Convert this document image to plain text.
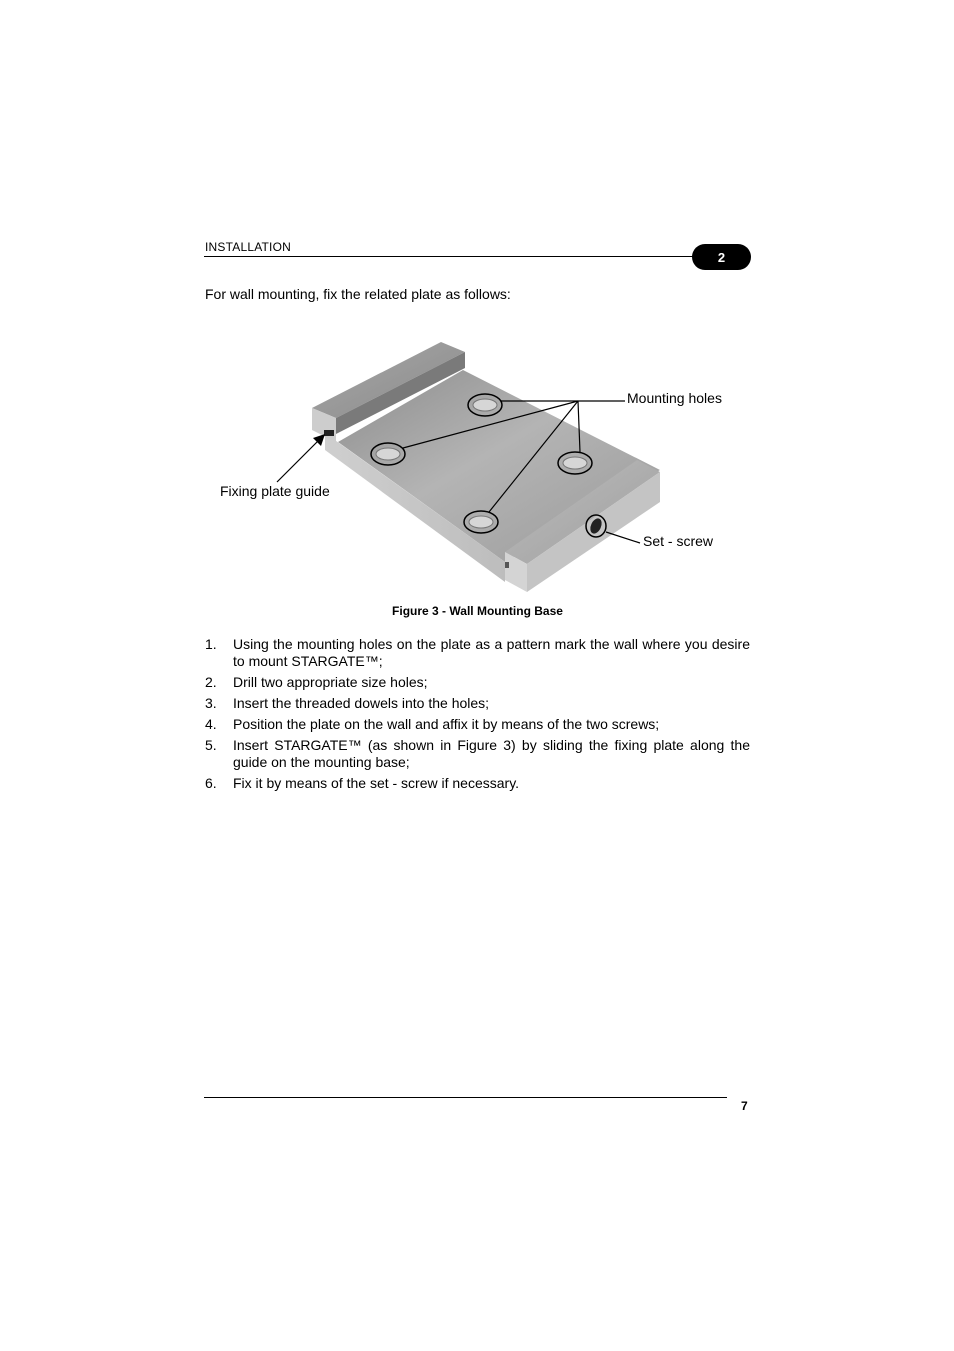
INSTALLATION
2
For wall mounting, fix the related plate as follows:
Mounting holes
Fixing plate guide
Set - screw
Figure 3 - Wall Mounting Base
1.	Using the mounting holes on the plate as a pattern mark the wall where you desire to mount STARGATE™;
2.	Drill two appropriate size holes;
3.	Insert the threaded dowels into the holes;
4.	Position the plate on the wall and affix it by means of the two screws;
5.	Insert STARGATE™ (as shown in Figure 3) by sliding the fixing plate along the guide on the mounting base;
6.	Fix it by means of the set - screw if necessary.
7
